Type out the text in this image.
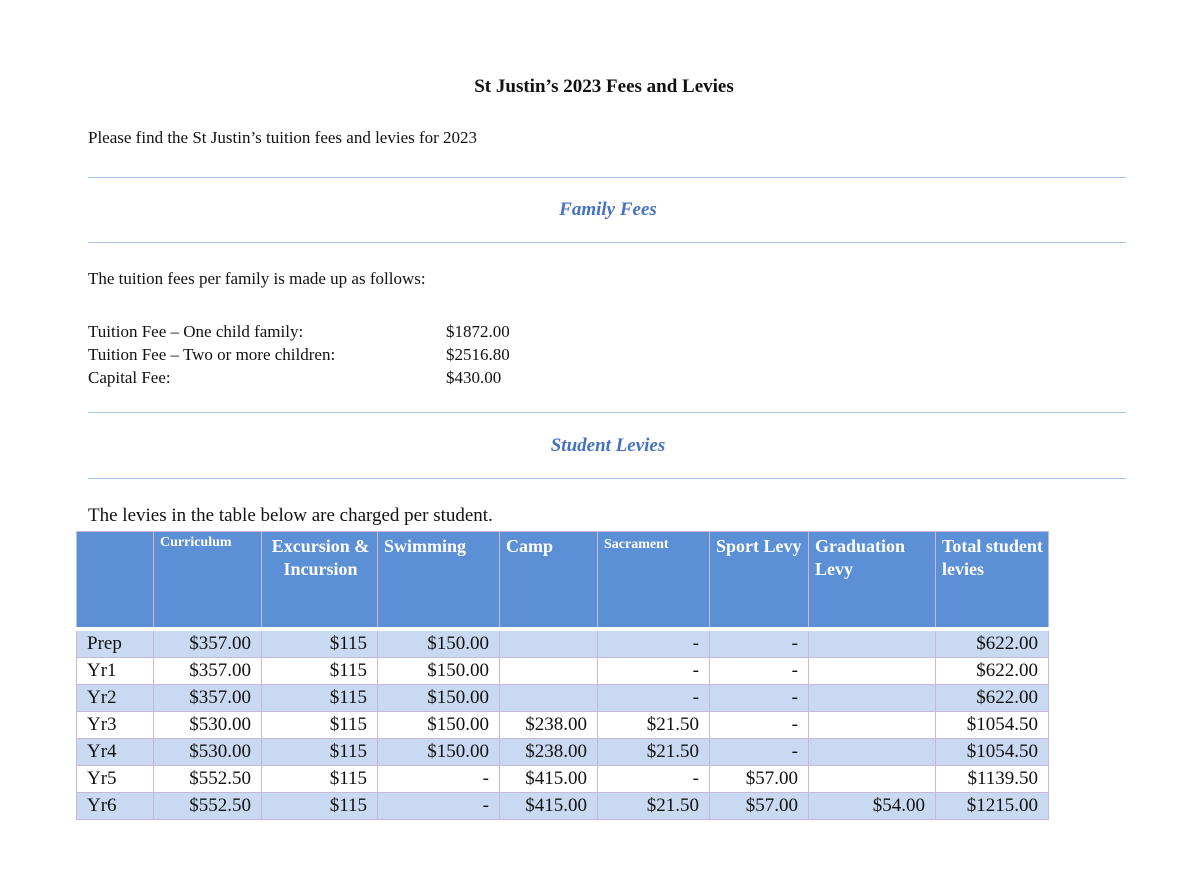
St Justin’s 2023 Fees and Levies
Please find the St Justin’s tuition fees and levies for 2023
Family Fees
The tuition fees per family is made up as follows:
Tuition Fee – One child family:	$1872.00
Tuition Fee – Two or more children:	$2516.80
Capital Fee:	$430.00
Student Levies
The levies in the table below are charged per student.
	Curriculum	Excursion & Incursion	Swimming	Camp	Sacrament	Sport Levy	Graduation Levy	Total student levies
Prep	$357.00	$115	$150.00		-	-		$622.00
Yr1	$357.00	$115	$150.00		-	-		$622.00
Yr2	$357.00	$115	$150.00		-	-		$622.00
Yr3	$530.00	$115	$150.00	$238.00	$21.50	-		$1054.50
Yr4	$530.00	$115	$150.00	$238.00	$21.50	-		$1054.50
Yr5	$552.50	$115	-	$415.00	-	$57.00		$1139.50
Yr6	$552.50	$115	-	$415.00	$21.50	$57.00	$54.00	$1215.00
